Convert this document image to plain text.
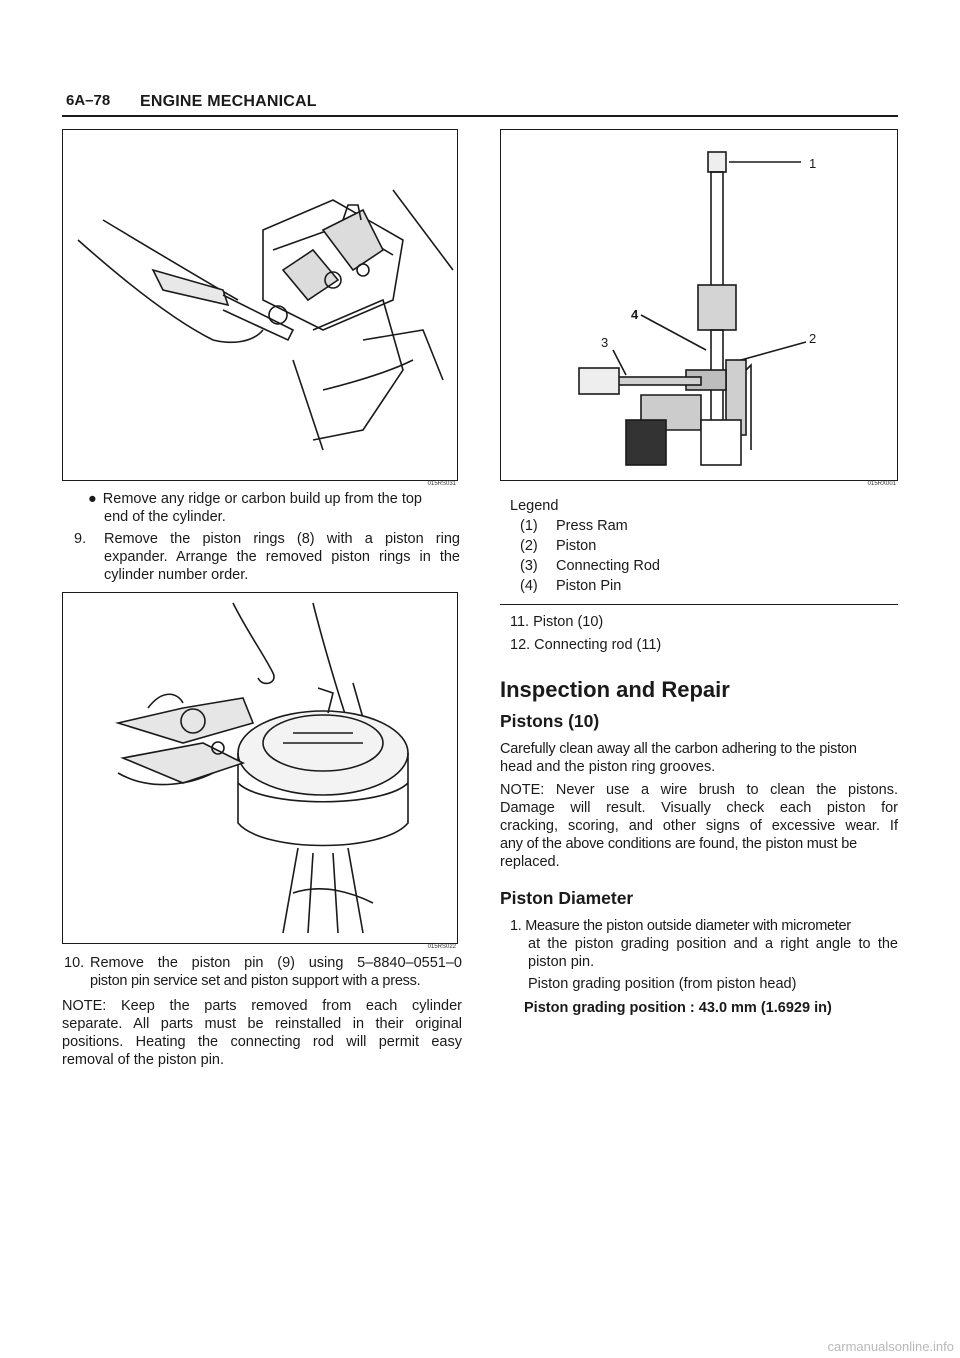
6A–78 ENGINE MECHANICAL
015RS031
● Remove any ridge or carbon build up from the top
end of the cylinder.
9. Remove the piston rings (8) with a piston ring
expander. Arrange the removed piston rings in the
cylinder number order.
015RS022
10. Remove the piston pin (9) using 5–8840–0551–0
piston pin service set and piston support with a press.
NOTE: Keep the parts removed from each cylinder
separate. All parts must be reinstalled in their original
positions. Heating the connecting rod will permit easy
removal of the piston pin.
1
2
3
4
015RX001
Legend
(1) Press Ram
(2) Piston
(3) Connecting Rod
(4) Piston Pin
11. Piston (10)
12. Connecting rod (11)
Inspection and Repair
Pistons (10)
Carefully clean away all the carbon adhering to the piston
head and the piston ring grooves.
NOTE: Never use a wire brush to clean the pistons.
Damage will result. Visually check each piston for
cracking, scoring, and other signs of excessive wear. If
any of the above conditions are found, the piston must be
replaced.
Piston Diameter
1. Measure the piston outside diameter with micrometer
at the piston grading position and a right angle to the
piston pin.
Piston grading position (from piston head)
Piston grading position : 43.0 mm (1.6929 in)
carmanualsonline.info
